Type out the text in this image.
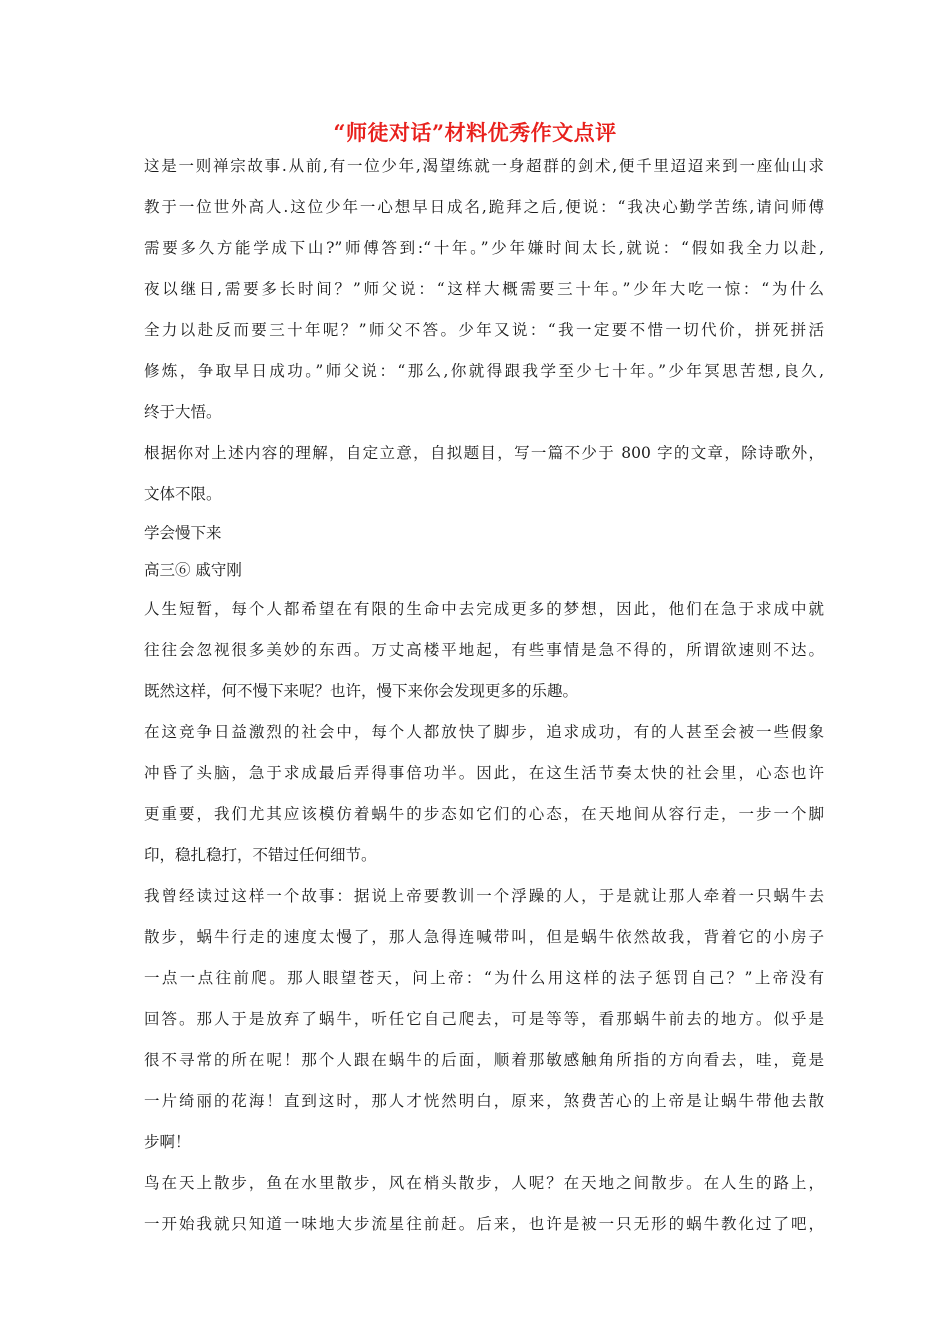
“师徒对话”材料优秀作文点评
这是一则禅宗故事.从前,有一位少年,渴望练就一身超群的剑术,便千里迢迢来到一座仙山求
教于一位世外高人.这位少年一心想早日成名,跪拜之后,便说：“我决心勤学苦练,请问师傅
需要多久方能学成下山?”师傅答到:“十年。”少年嫌时间太长,就说：“假如我全力以赴,
夜以继日,需要多长时间？”师父说：“这样大概需要三十年。”少年大吃一惊：“为什么
全力以赴反而要三十年呢？”师父不答。少年又说：“我一定要不惜一切代价，拼死拼活
修炼，争取早日成功。”师父说：“那么,你就得跟我学至少七十年。”少年冥思苦想,良久,
终于大悟。
根据你对上述内容的理解，自定立意，自拟题目，写一篇不少于 800 字的文章，除诗歌外，
文体不限。
学会慢下来
高三⑥ 戚守刚
人生短暂，每个人都希望在有限的生命中去完成更多的梦想，因此，他们在急于求成中就
往往会忽视很多美妙的东西。万丈高楼平地起，有些事情是急不得的，所谓欲速则不达。
既然这样，何不慢下来呢？也许，慢下来你会发现更多的乐趣。
在这竞争日益激烈的社会中，每个人都放快了脚步，追求成功，有的人甚至会被一些假象
冲昏了头脑，急于求成最后弄得事倍功半。因此，在这生活节奏太快的社会里，心态也许
更重要，我们尤其应该模仿着蜗牛的步态如它们的心态，在天地间从容行走，一步一个脚
印，稳扎稳打，不错过任何细节。
我曾经读过这样一个故事：据说上帝要教训一个浮躁的人，于是就让那人牵着一只蜗牛去
散步，蜗牛行走的速度太慢了，那人急得连喊带叫，但是蜗牛依然故我，背着它的小房子
一点一点往前爬。那人眼望苍天，问上帝：“为什么用这样的法子惩罚自己？”上帝没有
回答。那人于是放弃了蜗牛，听任它自己爬去，可是等等，看那蜗牛前去的地方。似乎是
很不寻常的所在呢！那个人跟在蜗牛的后面，顺着那敏感触角所指的方向看去，哇，竟是
一片绮丽的花海！直到这时，那人才恍然明白，原来，煞费苦心的上帝是让蜗牛带他去散
步啊！
鸟在天上散步，鱼在水里散步，风在梢头散步，人呢？在天地之间散步。在人生的路上，
一开始我就只知道一味地大步流星往前赶。后来，也许是被一只无形的蜗牛教化过了吧，
